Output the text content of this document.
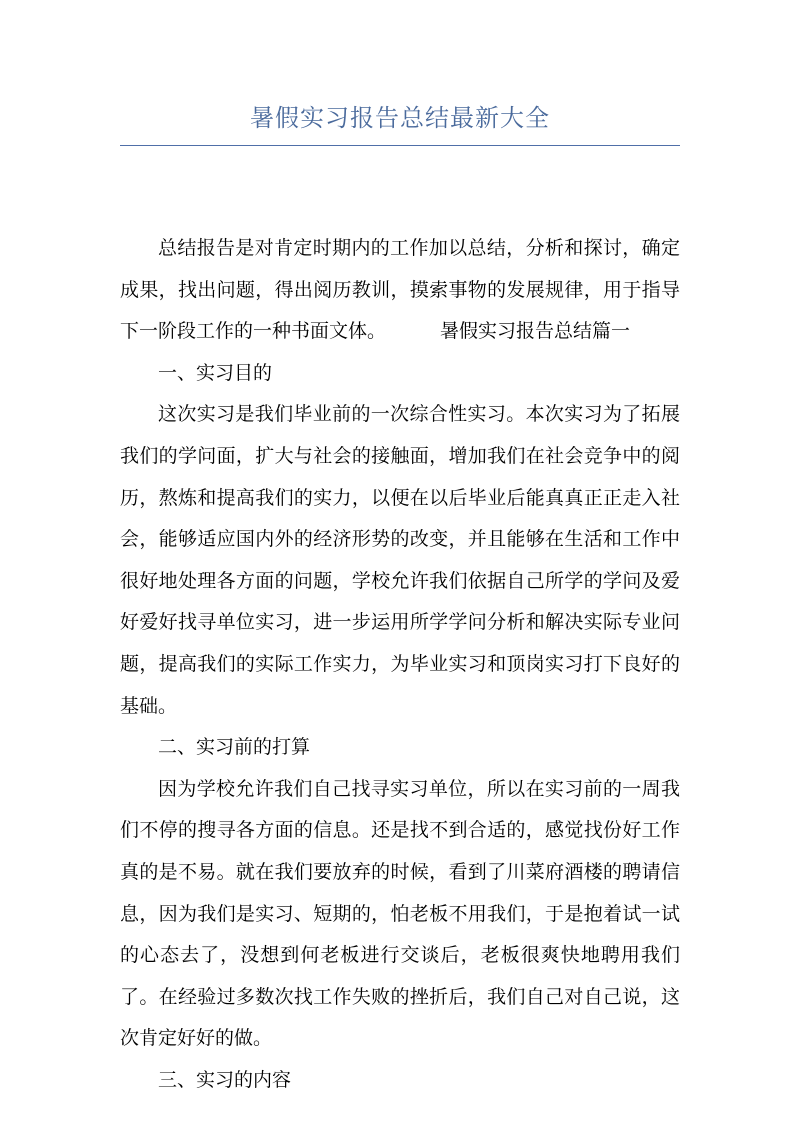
暑假实习报告总结最新大全

总结报告是对肯定时期内的工作加以总结，分析和探讨，确定成果，找出问题，得出阅历教训，摸索事物的发展规律，用于指导下一阶段工作的一种书面文体。	暑假实习报告总结篇一

一、实习目的

这次实习是我们毕业前的一次综合性实习。本次实习为了拓展我们的学问面，扩大与社会的接触面，增加我们在社会竞争中的阅历，熬炼和提高我们的实力，以便在以后毕业后能真真正正走入社会，能够适应国内外的经济形势的改变，并且能够在生活和工作中很好地处理各方面的问题，学校允许我们依据自己所学的学问及爱好爱好找寻单位实习，进一步运用所学学问分析和解决实际专业问题，提高我们的实际工作实力，为毕业实习和顶岗实习打下良好的基础。

二、实习前的打算

因为学校允许我们自己找寻实习单位，所以在实习前的一周我们不停的搜寻各方面的信息。还是找不到合适的，感觉找份好工作真的是不易。就在我们要放弃的时候，看到了川菜府酒楼的聘请信息，因为我们是实习、短期的，怕老板不用我们，于是抱着试一试的心态去了，没想到何老板进行交谈后，老板很爽快地聘用我们了。在经验过多数次找工作失败的挫折后，我们自己对自己说，这次肯定好好的做。

三、实习的内容
